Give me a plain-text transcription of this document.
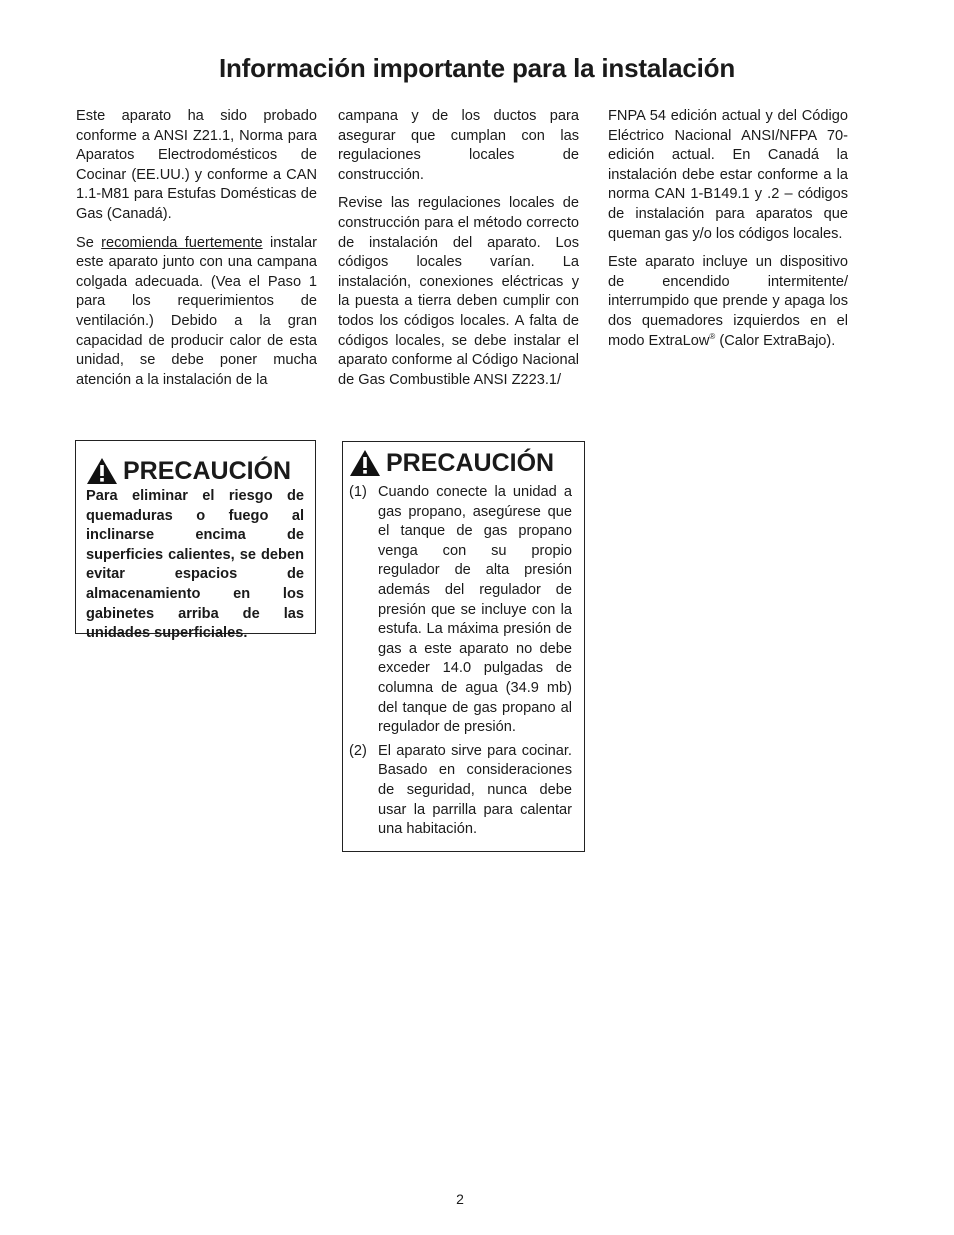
Información importante para la instalación

Este aparato ha sido probado conforme a ANSI Z21.1, Norma para Aparatos Electrodomésticos de Cocinar (EE.UU.) y conforme a CAN 1.1-M81 para Estufas Domésticas de Gas (Canadá).

Se recomienda fuertemente instalar este aparato junto con una campana colgada adecuada. (Vea el Paso 1 para los requerimientos de ventilación.) Debido a la gran capacidad de producir calor de esta unidad, se debe poner mucha atención a la instalación de la

campana y de los ductos para asegurar que cumplan con las regulaciones locales de construcción.

Revise las regulaciones locales de construcción para el método correcto de instalación del aparato. Los códigos locales varían. La instalación, conexiones eléctricas y la puesta a tierra deben cumplir con todos los códigos locales. A falta de códigos locales, se debe instalar el aparato conforme al Código Nacional de Gas Combustible ANSI Z223.1/

FNPA 54 edición actual y del Código Eléctrico Nacional ANSI/NFPA 70-edición actual. En Canadá la instalación debe estar conforme a la norma CAN 1-B149.1 y .2 – códigos de instalación para aparatos que queman gas y/o los códigos locales.

Este aparato incluye un dispositivo de encendido intermitente/ interrumpido que prende y apaga los dos quemadores izquierdos en el modo ExtraLow® (Calor ExtraBajo).

PRECAUCIÓN

Para eliminar el riesgo de quemaduras o fuego al inclinarse encima de superficies calientes, se deben evitar espacios de almacenamiento en los gabinetes arriba de las unidades superficiales.

PRECAUCIÓN
(1) Cuando conecte la unidad a gas propano, asegúrese que el tanque de gas propano venga con su propio regulador de alta presión además del regulador de presión que se incluye con la estufa. La máxima presión de gas a este aparato no debe exceder 14.0 pulgadas de columna de agua (34.9 mb) del tanque de gas propano al regulador de presión.
(2) El aparato sirve para cocinar. Basado en consideraciones de seguridad, nunca debe usar la parrilla para calentar una habitación.
2
